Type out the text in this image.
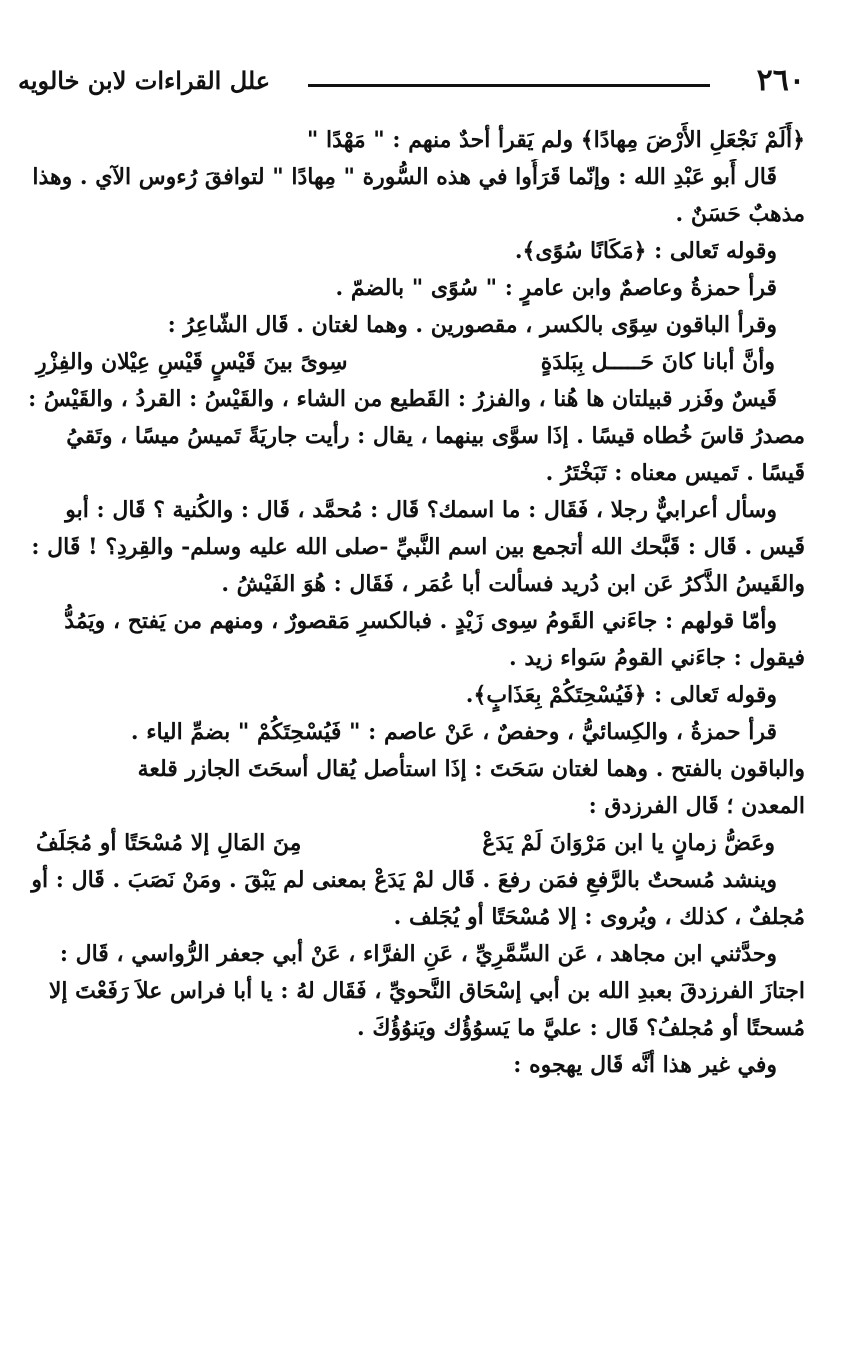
٢٦٠
علل القراءات لابن خالويه
﴿أَلَمْ نَجْعَلِ الأَرْضَ مِهادًا﴾ ولم يَقرأ أحدٌ منهم : " مَهْدًا "
قَال أَبو عَبْدِ الله : وإنّما قَرَأُوا في هذه السُّورة " مِهادًا " لتوافقَ رُءوس الآي . وهذا
مذهبٌ حَسَنٌ .
وقوله تَعالى : ﴿مَكَانًا سُوًى﴾.
قرأ حمزةُ وعاصمٌ وابن عامرٍ : " سُوًى " بالضمّ .
وقرأ الباقون سِوًى بالكسر ، مقصورين . وهما لغتان . قَال الشّاعِرُ :
وأنَّ أبانا كانَ حَـــــل بِبَلدَةٍ
سِوىً بينَ قَيْسٍ قَيْسِ عِيْلان والفِزْرِ
قَيسٌ وفَزر قبيلتان ها هُنا ، والفزرُ : القَطيع من الشاء ، والقَيْسُ : القردُ ، والقَيْسُ :
مصدرُ قاسَ خُطاه قيسًا . إذَا سوَّى بينهما ، يقال : رأيت جاريَةً تَميسُ ميسًا ، وتَقيُ
قَيسًا . تَميس معناه : تَبَخْتَرُ .
وسأل أعرابيٌّ رجلا ، فَقَال : ما اسمك؟ قَال : مُحمَّد ، قَال : والكُنية ؟ قَال : أبو
قَيس . قَال : قَبَّحك الله أتجمع بين اسم النَّبيِّ -صلى الله عليه وسلم- والقِردِ؟ ! قَال :
والقَيسُ الذَّكرُ عَن ابن دُريد فسألت أبا عُمَر ، فَقَال : هُوَ الفَيْشُ .
وأمّا قولهم : جاءَني القَومُ سِوى زَيْدٍ . فبالكسرِ مَقصورٌ ، ومنهم من يَفتح ، ويَمُدُّ
فيقول : جاءَني القومُ سَواء زيد .
وقوله تَعالى : ﴿فَيُسْحِتَكُمْ بِعَذَابٍ﴾.
قرأ حمزةُ ، والكِسائيُّ ، وحفصٌ ، عَنْ عاصم : " فَيُسْحِتَكُمْ " بضمِّ الياء .
والباقون بالفتح . وهما لغتان سَحَتَ : إذَا استأصل يُقال أسحَتَ الجازر قلعة
المعدن ؛ قَال الفرزدق :
وعَضُّ زمانٍ يا ابن مَرْوَانَ لَمْ يَدَعْ
مِنَ المَالِ إلا مُسْحَتًا أو مُجَلَفُ
وينشد مُسحتٌ بالرَّفعِ فمَن رفعَ . قَال لمْ يَدَعْ بمعنى لم يَبْقَ . ومَنْ نَصَبَ . قَال : أو
مُجلفٌ ، كذلك ، ويُروى : إلا مُسْحَتًا أو يُجَلف .
وحدَّثني ابن مجاهد ، عَن السِّمَّرِيِّ ، عَنِ الفرَّاء ، عَنْ أبي جعفر الرُّواسي ، قَال :
اجتازَ الفرزدقَ بعبدِ الله بن أبي إسْحَاق النَّحويِّ ، فَقَال لهُ : يا أبا فراس علاَ رَفَعْتَ إلا
مُسحتًا أو مُجلفُ؟ قَال : عليَّ ما يَسوُؤُك ويَنوُؤُكَ .
وفي غير هذا أنَّه قَال يهجوه :
